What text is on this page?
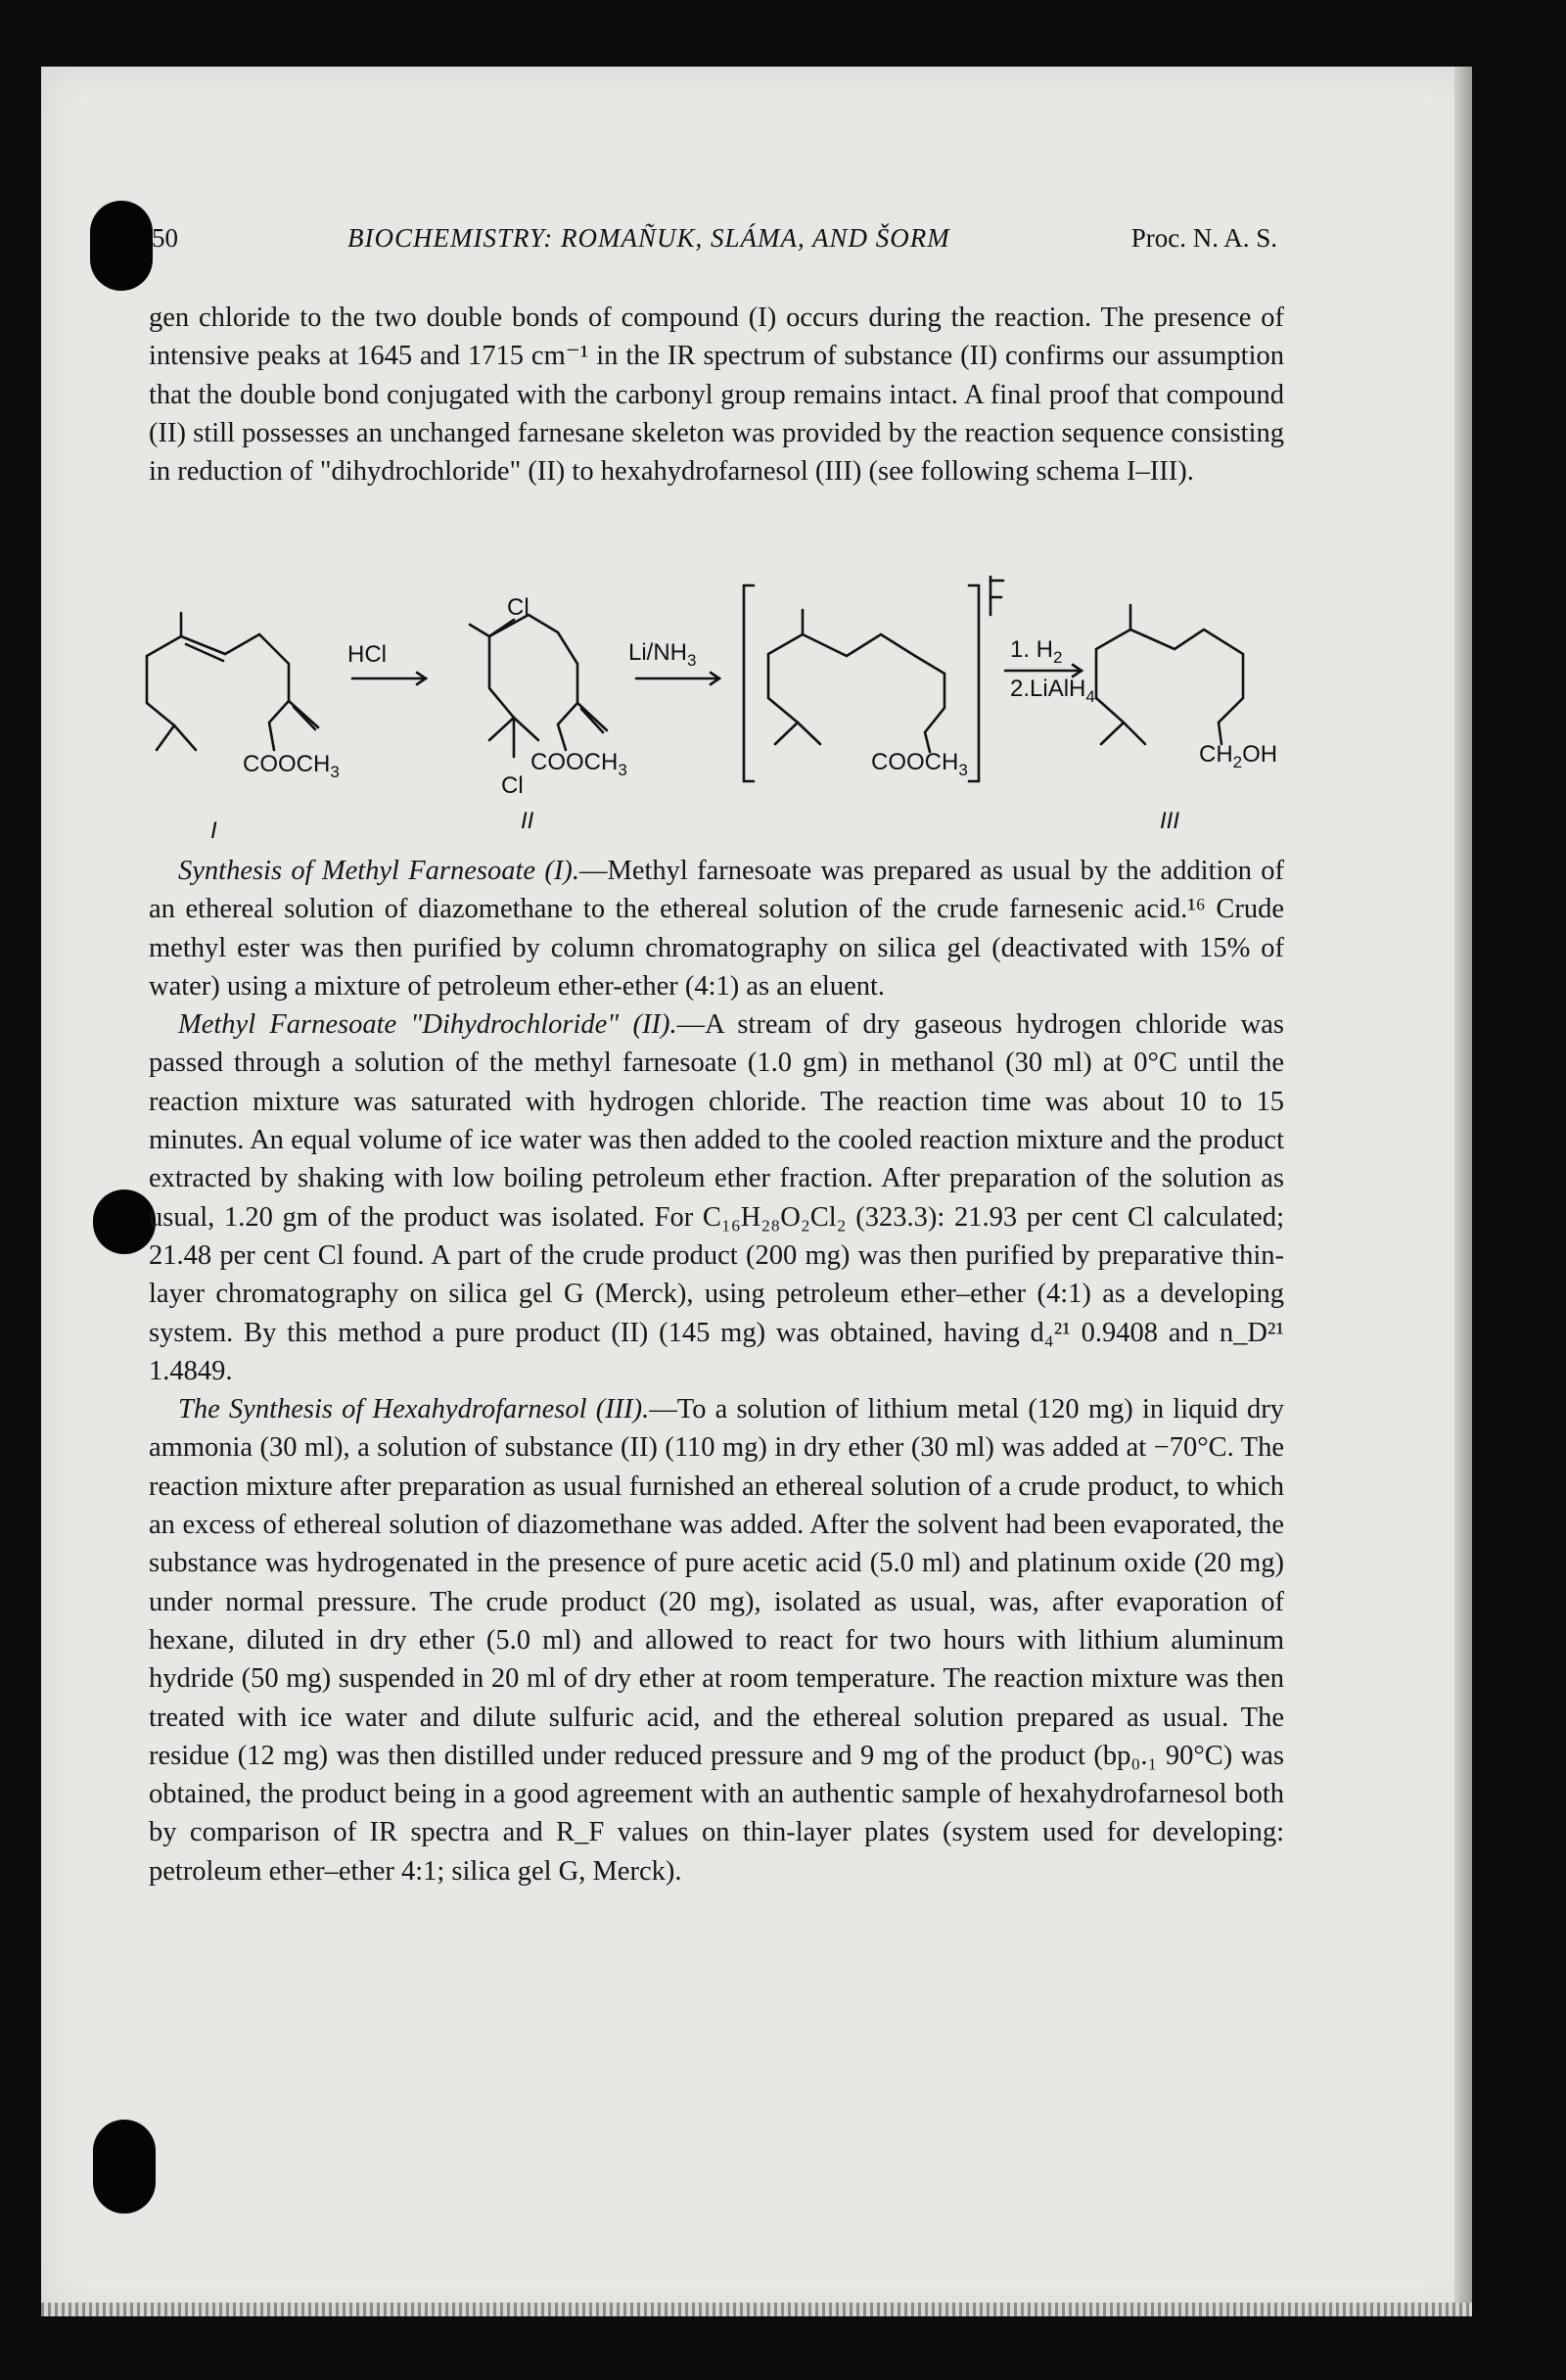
50	BIOCHEMISTRY: ROMAÑUK, SLÁMA, AND ŠORM	Proc. N. A. S.

gen chloride to the two double bonds of compound (I) occurs during the reaction. The presence of intensive peaks at 1645 and 1715 cm⁻¹ in the IR spectrum of substance (II) confirms our assumption that the double bond conjugated with the carbonyl group remains intact. A final proof that compound (II) still possesses an unchanged farnesane skeleton was provided by the reaction sequence consisting in reduction of "dihydrochloride" (II) to hexahydrofarnesol (III) (see following schema I–III).

HCl	$Li/NH_3$	1. $H_2$
2.LiAlH$_4$
$COOCH_3$	$COOCH_3$
Cl
Cl
$COOCH_3$
$CH_2OH$
I	II	III

Synthesis of Methyl Farnesoate (I).—Methyl farnesoate was prepared as usual by the addition of an ethereal solution of diazomethane to the ethereal solution of the crude farnesenic acid.¹⁶ Crude methyl ester was then purified by column chromatography on silica gel (deactivated with 15% of water) using a mixture of petroleum ether-ether (4:1) as an eluent.

Methyl Farnesoate "Dihydrochloride" (II).—A stream of dry gaseous hydrogen chloride was passed through a solution of the methyl farnesoate (1.0 gm) in methanol (30 ml) at 0°C until the reaction mixture was saturated with hydrogen chloride. The reaction time was about 10 to 15 minutes. An equal volume of ice water was then added to the cooled reaction mixture and the product extracted by shaking with low boiling petroleum ether fraction. After preparation of the solution as usual, 1.20 gm of the product was isolated. For C₁₆H₂₈O₂Cl₂ (323.3): 21.93 per cent Cl calculated; 21.48 per cent Cl found. A part of the crude product (200 mg) was then purified by preparative thin-layer chromatography on silica gel G (Merck), using petroleum ether–ether (4:1) as a developing system. By this method a pure product (II) (145 mg) was obtained, having d₄²¹ 0.9408 and n_D²¹ 1.4849.

The Synthesis of Hexahydrofarnesol (III).—To a solution of lithium metal (120 mg) in liquid dry ammonia (30 ml), a solution of substance (II) (110 mg) in dry ether (30 ml) was added at −70°C. The reaction mixture after preparation as usual furnished an ethereal solution of a crude product, to which an excess of ethereal solution of diazomethane was added. After the solvent had been evaporated, the substance was hydrogenated in the presence of pure acetic acid (5.0 ml) and platinum oxide (20 mg) under normal pressure. The crude product (20 mg), isolated as usual, was, after evaporation of hexane, diluted in dry ether (5.0 ml) and allowed to react for two hours with lithium aluminum hydride (50 mg) suspended in 20 ml of dry ether at room temperature. The reaction mixture was then treated with ice water and dilute sulfuric acid, and the ethereal solution prepared as usual. The residue (12 mg) was then distilled under reduced pressure and 9 mg of the product (bp₀.₁ 90°C) was obtained, the product being in a good agreement with an authentic sample of hexahydrofarnesol both by comparison of IR spectra and R_F values on thin-layer plates (system used for developing: petroleum ether–ether 4:1; silica gel G, Merck).
